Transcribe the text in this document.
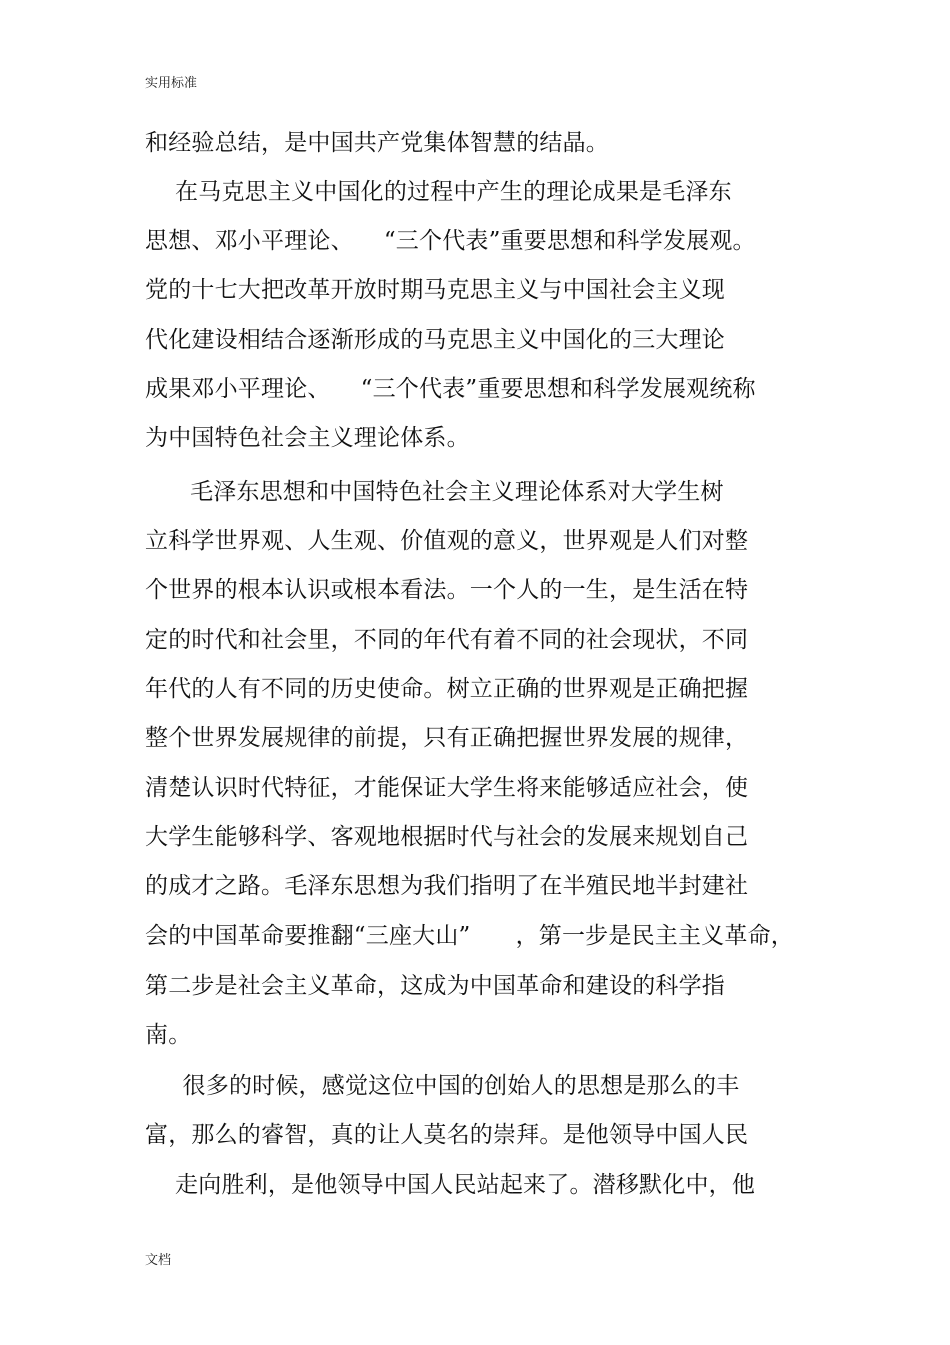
实用标准
和经验总结，是中国共产党集体智慧的结晶。
在马克思主义中国化的过程中产生的理论成果是毛泽东
思想、邓小平理论、    “三个代表”重要思想和科学发展观。
党的十七大把改革开放时期马克思主义与中国社会主义现
代化建设相结合逐渐形成的马克思主义中国化的三大理论
成果邓小平理论、    “三个代表”重要思想和科学发展观统称
为中国特色社会主义理论体系。
毛泽东思想和中国特色社会主义理论体系对大学生树
立科学世界观、人生观、价值观的意义，世界观是人们对整
个世界的根本认识或根本看法。一个人的一生，是生活在特
定的时代和社会里，不同的年代有着不同的社会现状，不同
年代的人有不同的历史使命。树立正确的世界观是正确把握
整个世界发展规律的前提，只有正确把握世界发展的规律，
清楚认识时代特征，才能保证大学生将来能够适应社会，使
大学生能够科学、客观地根据时代与社会的发展来规划自己
的成才之路。毛泽东思想为我们指明了在半殖民地半封建社
会的中国革命要推翻“三座大山”      ，第一步是民主主义革命，
第二步是社会主义革命，这成为中国革命和建设的科学指
南。
很多的时候，感觉这位中国的创始人的思想是那么的丰
富，那么的睿智，真的让人莫名的崇拜。是他领导中国人民
走向胜利，是他领导中国人民站起来了。潜移默化中，他
文档
